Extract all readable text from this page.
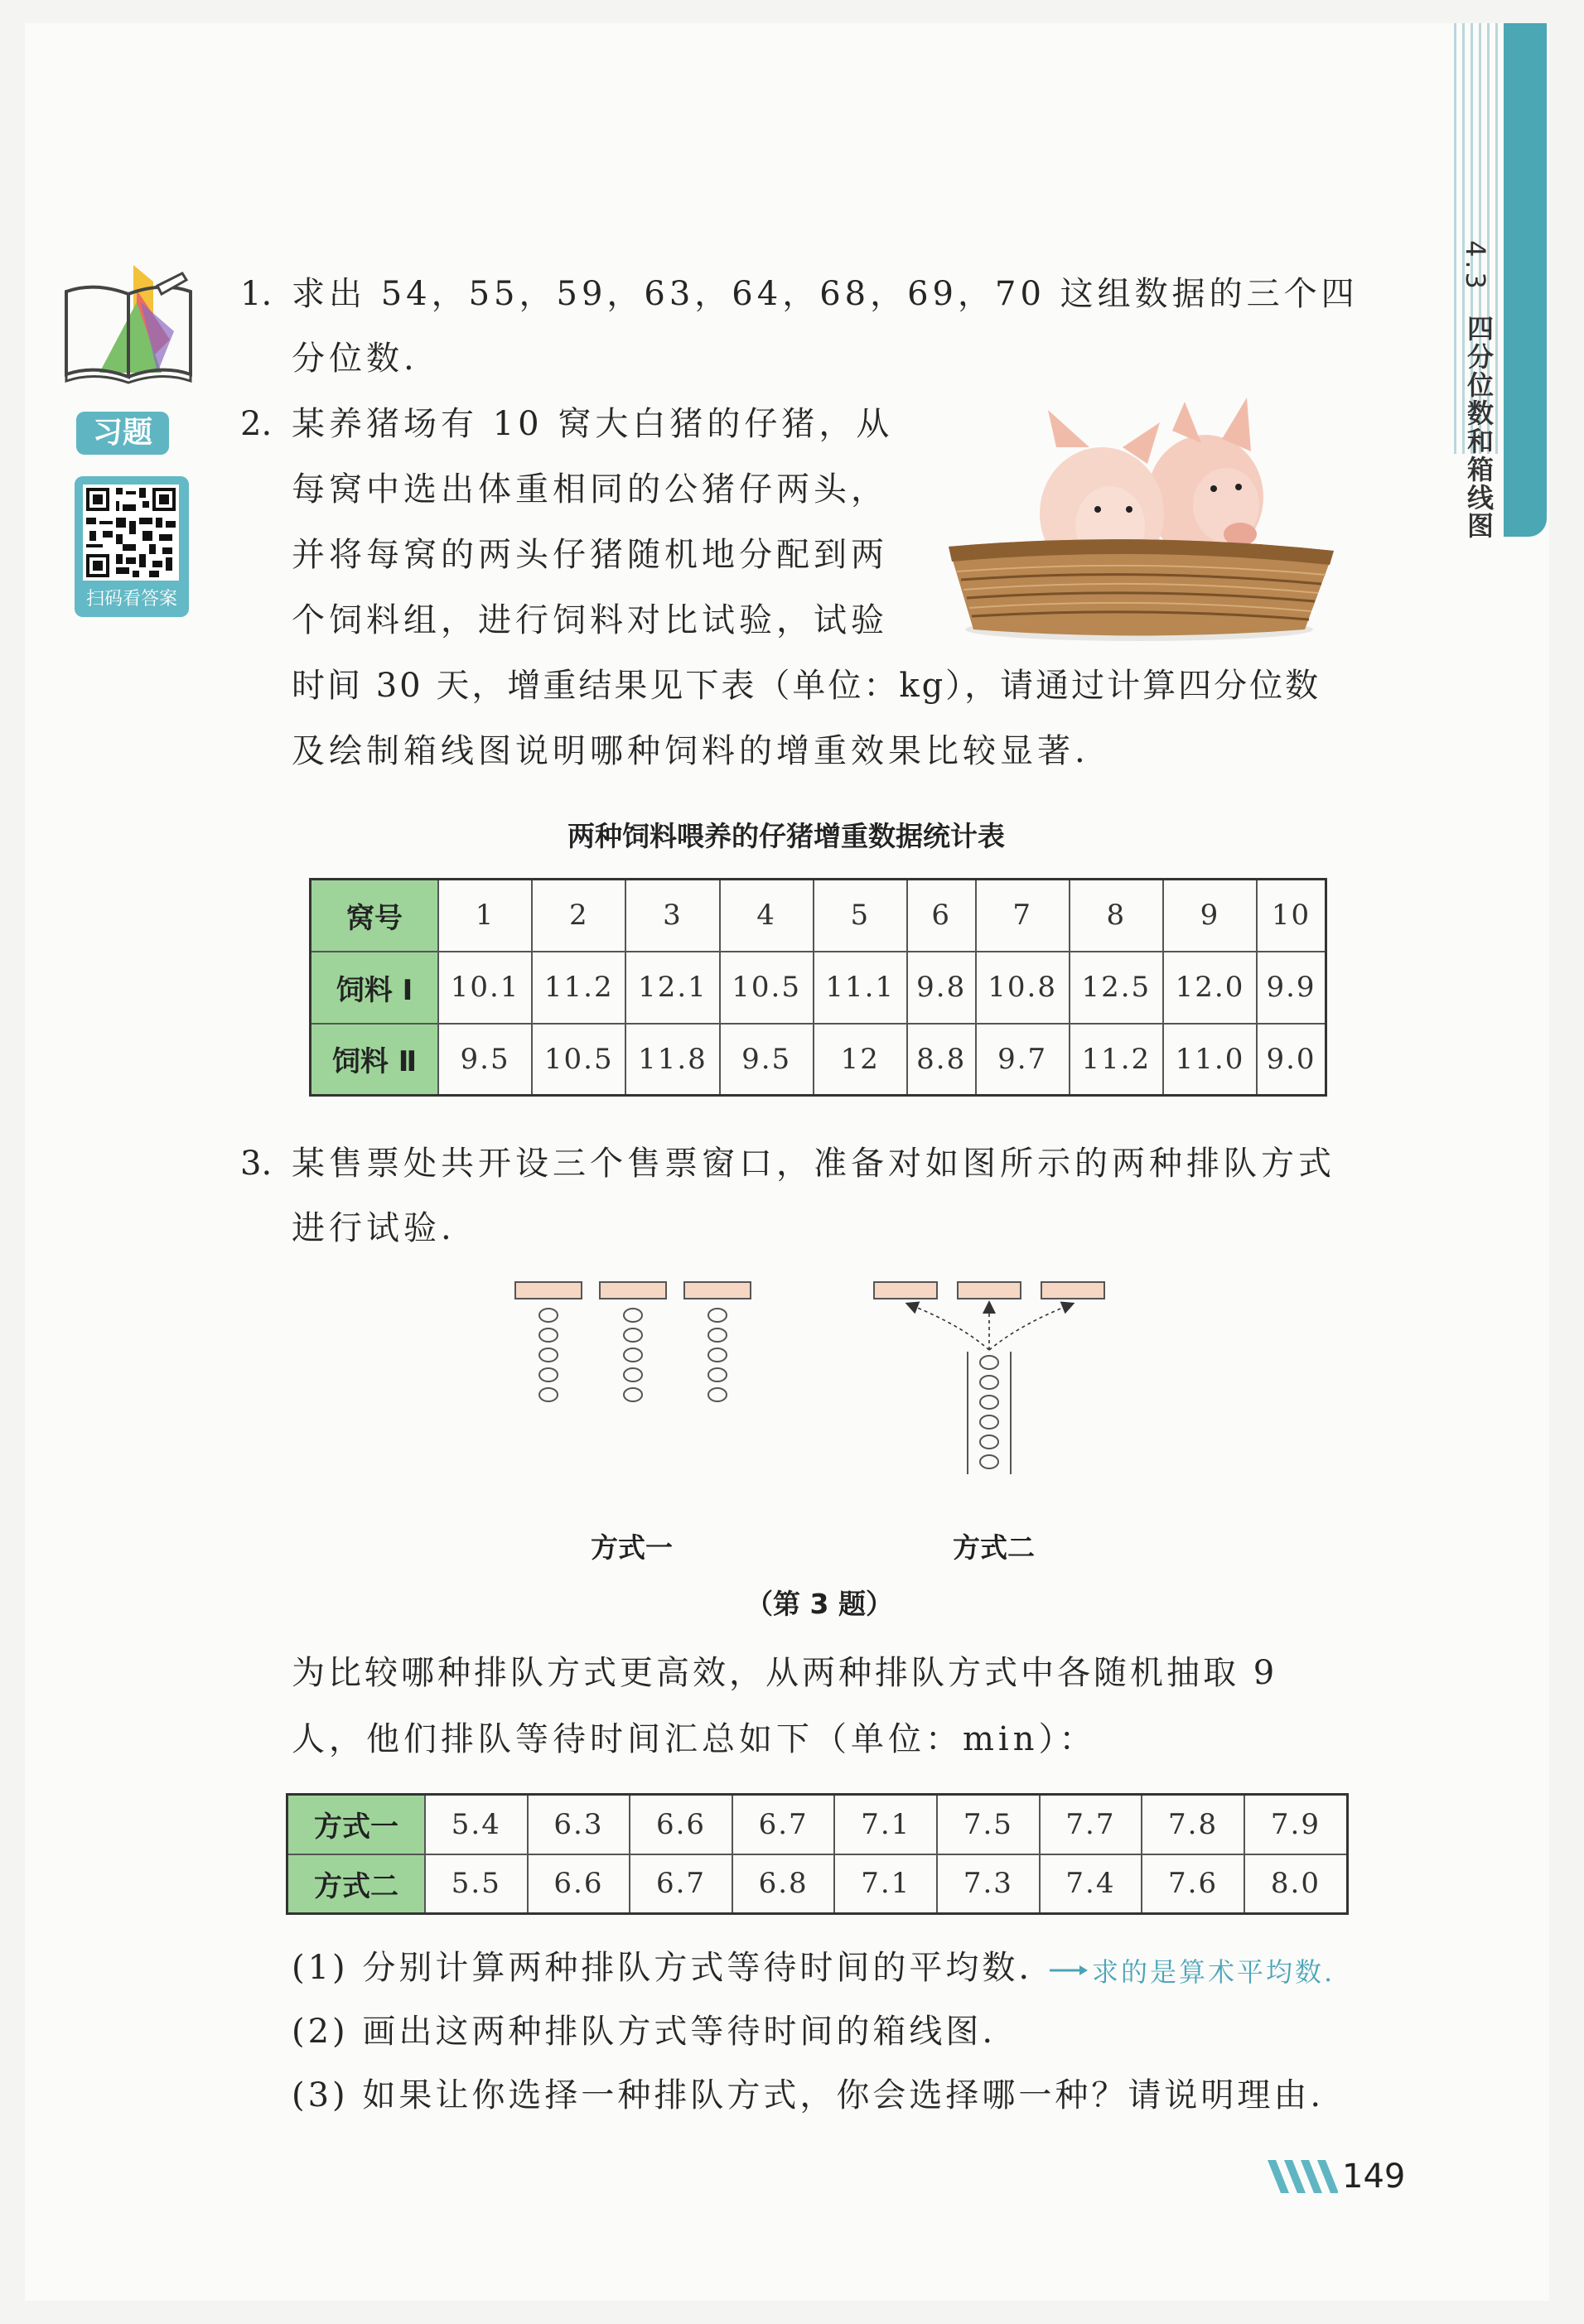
4.3
四分位数和箱线图
习题
扫码看答案
1. 求出 54，55，59，63，64，68，69，70 这组数据的三个四
分位数.
2. 某养猪场有 10 窝大白猪的仔猪，从
每窝中选出体重相同的公猪仔两头，
并将每窝的两头仔猪随机地分配到两
个饲料组，进行饲料对比试验，试验
时间 30 天，增重结果见下表（单位：kg），请通过计算四分位数
及绘制箱线图说明哪种饲料的增重效果比较显著.
两种饲料喂养的仔猪增重数据统计表
窝号	1	2	3	4	5	6	7	8	9	10
饲料 Ⅰ	10.1	11.2	12.1	10.5	11.1	9.8	10.8	12.5	12.0	9.9
饲料 Ⅱ	9.5	10.5	11.8	9.5	12	8.8	9.7	11.2	11.0	9.0
3. 某售票处共开设三个售票窗口，准备对如图所示的两种排队方式
进行试验.
方式一	方式二
（第 3 题）
为比较哪种排队方式更高效，从两种排队方式中各随机抽取 9
人，他们排队等待时间汇总如下（单位：min）：
方式一	5.4	6.3	6.6	6.7	7.1	7.5	7.7	7.8	7.9
方式二	5.5	6.6	6.7	6.8	7.1	7.3	7.4	7.6	8.0
(1) 分别计算两种排队方式等待时间的平均数. 求的是算术平均数.
(2) 画出这两种排队方式等待时间的箱线图.
(3) 如果让你选择一种排队方式，你会选择哪一种？请说明理由.
149
